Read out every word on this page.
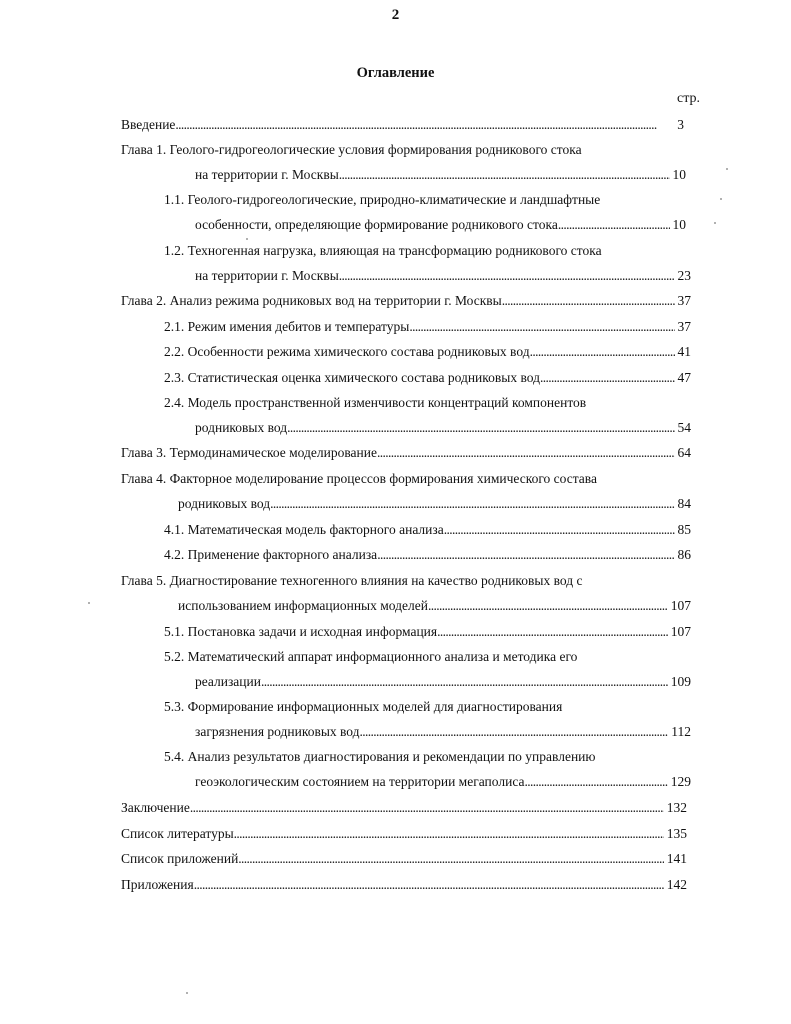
2
Оглавление
стр.
Введение . . .	3
Глава 1. Геолого-гидрогеологические условия формирования родникового стока
на территории г. Москвы . . .	10
1.1. Геолого-гидрогеологические, природно-климатические и ландшафтные
особенности, определяющие формирование родникового стока . . .	10
1.2. Техногенная нагрузка, влияющая на трансформацию родникового стока
на территории г. Москвы . . .	23
Глава 2. Анализ режима родниковых вод на территории г. Москвы . . .	37
2.1. Режим имения дебитов и температуры . . .	37
2.2. Особенности режима химического состава родниковых вод . . .	41
2.3. Статистическая оценка химического состава родниковых вод . . .	47
2.4. Модель пространственной изменчивости концентраций компонентов
родниковых вод . . .	54
Глава 3. Термодинамическое моделирование . . .	64
Глава 4. Факторное моделирование процессов формирования химического состава
родниковых вод . . .	84
4.1. Математическая модель факторного анализа . . .	85
4.2. Применение факторного анализа . . .	86
Глава 5. Диагностирование техногенного влияния на качество родниковых вод с
использованием информационных моделей . . .	107
5.1. Постановка задачи и исходная информация . . .	107
5.2. Математический аппарат информационного анализа и методика его
реализации . . .	109
5.3. Формирование информационных моделей для диагностирования
загрязнения родниковых вод . . .	112
5.4. Анализ результатов диагностирования и рекомендации по управлению
геоэкологическим состоянием на территории мегаполиса . . .	129
Заключение . . .	132
Список литературы . . .	135
Список приложений . . .	141
Приложения . . .	142
